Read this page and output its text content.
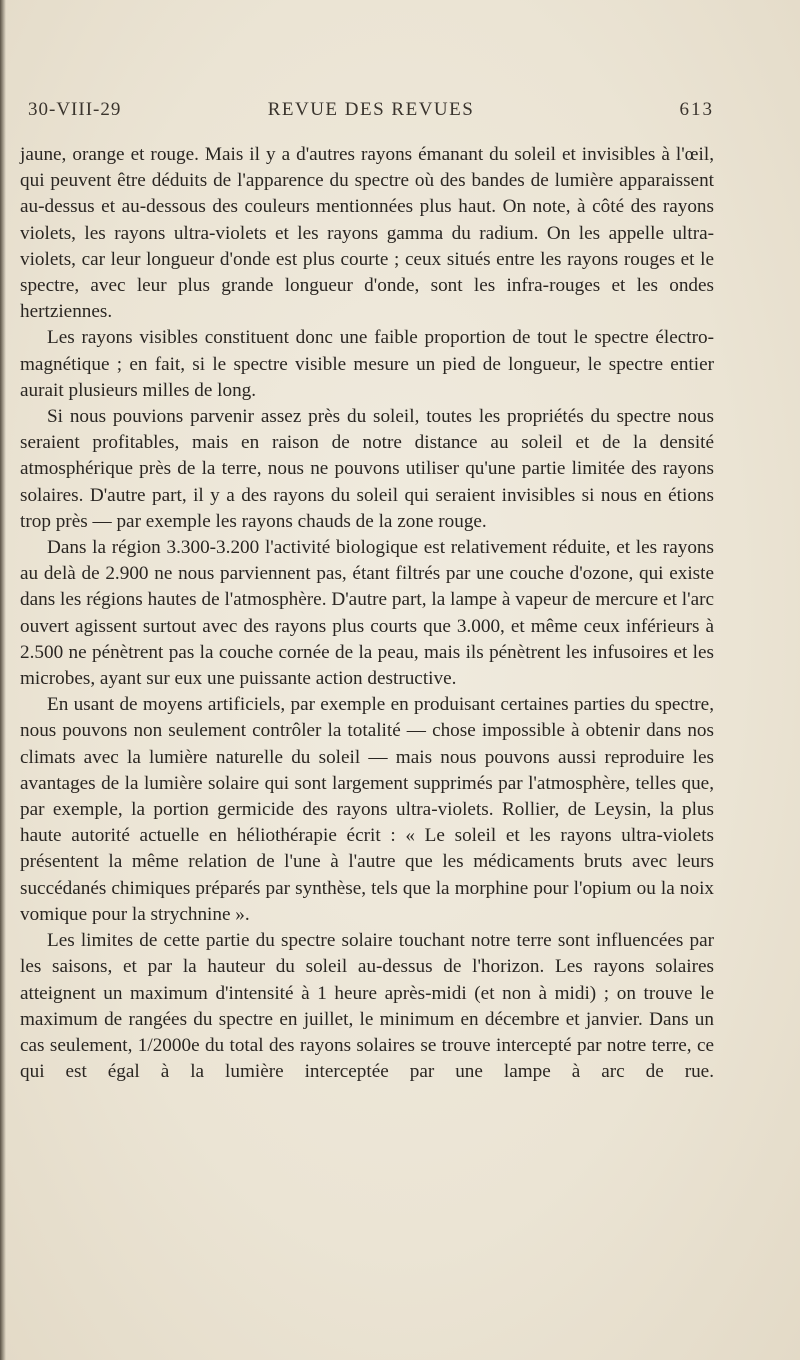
30-VIII-29	REVUE DES REVUES	613

jaune, orange et rouge. Mais il y a d'autres rayons émanant du soleil et invisibles à l'œil, qui peuvent être déduits de l'apparence du spectre où des bandes de lumière apparaissent au-dessus et au-dessous des couleurs mentionnées plus haut. On note, à côté des rayons violets, les rayons ultra-violets et les rayons gamma du radium. On les appelle ultra-violets, car leur longueur d'onde est plus courte ; ceux situés entre les rayons rouges et le spectre, avec leur plus grande longueur d'onde, sont les infra-rouges et les ondes hertziennes.

Les rayons visibles constituent donc une faible proportion de tout le spectre électro-magnétique ; en fait, si le spectre visible mesure un pied de longueur, le spectre entier aurait plusieurs milles de long.

Si nous pouvions parvenir assez près du soleil, toutes les propriétés du spectre nous seraient profitables, mais en raison de notre distance au soleil et de la densité atmosphérique près de la terre, nous ne pouvons utiliser qu'une partie limitée des rayons solaires. D'autre part, il y a des rayons du soleil qui seraient invisibles si nous en étions trop près — par exemple les rayons chauds de la zone rouge.

Dans la région 3.300-3.200 l'activité biologique est relativement réduite, et les rayons au delà de 2.900 ne nous parviennent pas, étant filtrés par une couche d'ozone, qui existe dans les régions hautes de l'atmosphère. D'autre part, la lampe à vapeur de mercure et l'arc ouvert agissent surtout avec des rayons plus courts que 3.000, et même ceux inférieurs à 2.500 ne pénètrent pas la couche cornée de la peau, mais ils pénètrent les infusoires et les microbes, ayant sur eux une puissante action destructive.

En usant de moyens artificiels, par exemple en produisant certaines parties du spectre, nous pouvons non seulement contrôler la totalité — chose impossible à obtenir dans nos climats avec la lumière naturelle du soleil — mais nous pouvons aussi reproduire les avantages de la lumière solaire qui sont largement supprimés par l'atmosphère, telles que, par exemple, la portion germicide des rayons ultra-violets. Rollier, de Leysin, la plus haute autorité actuelle en héliothérapie écrit : « Le soleil et les rayons ultra-violets présentent la même relation de l'une à l'autre que les médicaments bruts avec leurs succédanés chimiques préparés par synthèse, tels que la morphine pour l'opium ou la noix vomique pour la strychnine ».

Les limites de cette partie du spectre solaire touchant notre terre sont influencées par les saisons, et par la hauteur du soleil au-dessus de l'horizon. Les rayons solaires atteignent un maximum d'intensité à 1 heure après-midi (et non à midi) ; on trouve le maximum de rangées du spectre en juillet, le minimum en décembre et janvier. Dans un cas seulement, 1/2000e du total des rayons solaires se trouve intercepté par notre terre, ce qui est égal à la lumière interceptée par une lampe à arc de rue.
